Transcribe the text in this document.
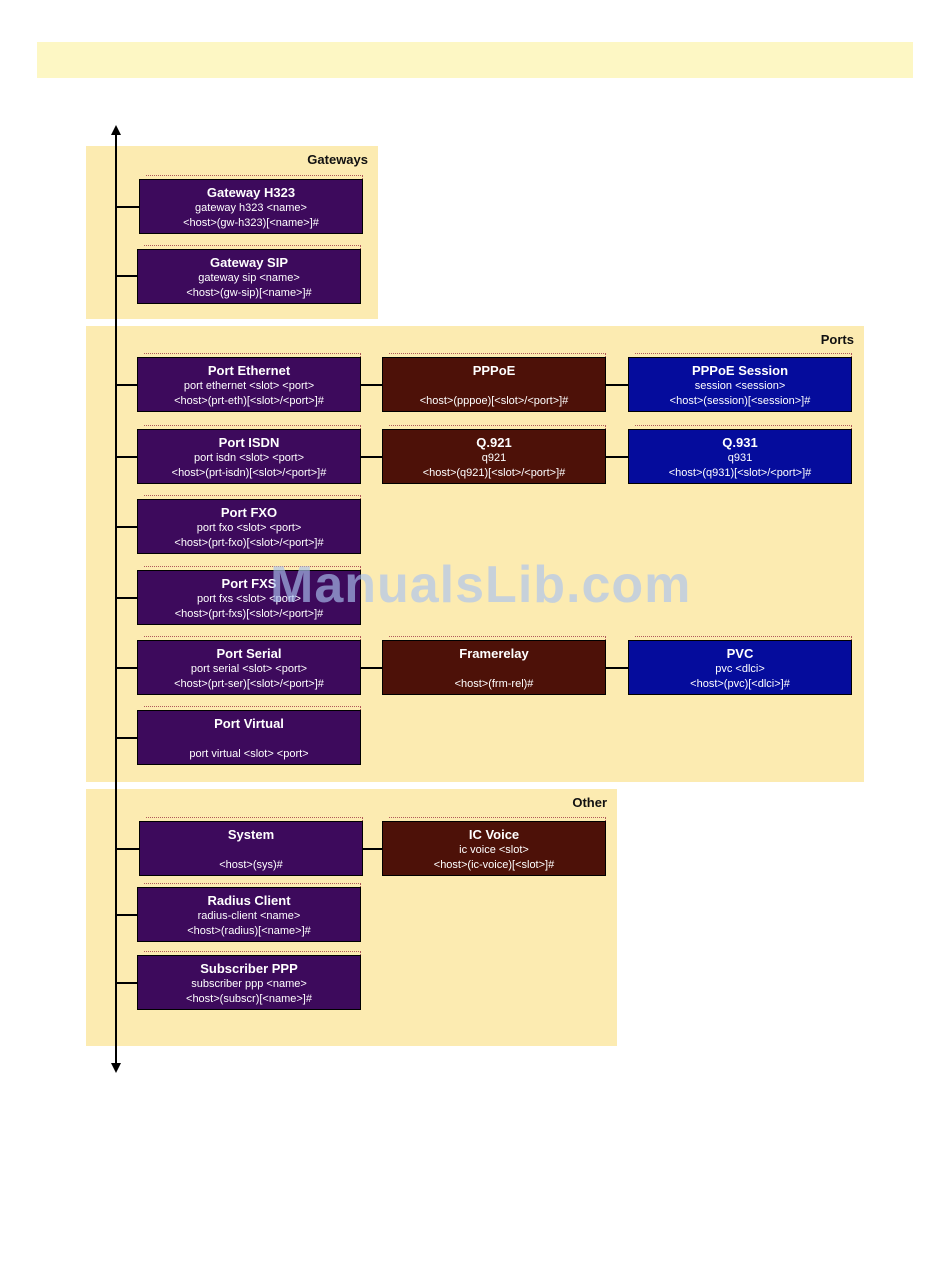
Gateways
Ports
Other
Gateway H323
gateway h323 <name>
<host>(gw-h323)[<name>]#
Gateway SIP
gateway sip <name>
<host>(gw-sip)[<name>]#
Port Ethernet
port ethernet <slot> <port>
<host>(prt-eth)[<slot>/<port>]#
PPPoE
<host>(pppoe)[<slot>/<port>]#
PPPoE Session
session <session>
<host>(session)[<session>]#
Port ISDN
port isdn <slot> <port>
<host>(prt-isdn)[<slot>/<port>]#
Q.921
q921
<host>(q921)[<slot>/<port>]#
Q.931
q931
<host>(q931)[<slot>/<port>]#
Port FXO
port fxo <slot> <port>
<host>(prt-fxo)[<slot>/<port>]#
Port FXS
port fxs <slot> <port>
<host>(prt-fxs)[<slot>/<port>]#
Port Serial
port serial <slot> <port>
<host>(prt-ser)[<slot>/<port>]#
Framerelay
<host>(frm-rel)#
PVC
pvc <dlci>
<host>(pvc)[<dlci>]#
Port Virtual
port virtual <slot> <port>
System
<host>(sys)#
IC Voice
ic voice <slot>
<host>(ic-voice)[<slot>]#
Radius Client
radius-client <name>
<host>(radius)[<name>]#
Subscriber PPP
subscriber ppp <name>
<host>(subscr)[<name>]#
ManualsLib.com
